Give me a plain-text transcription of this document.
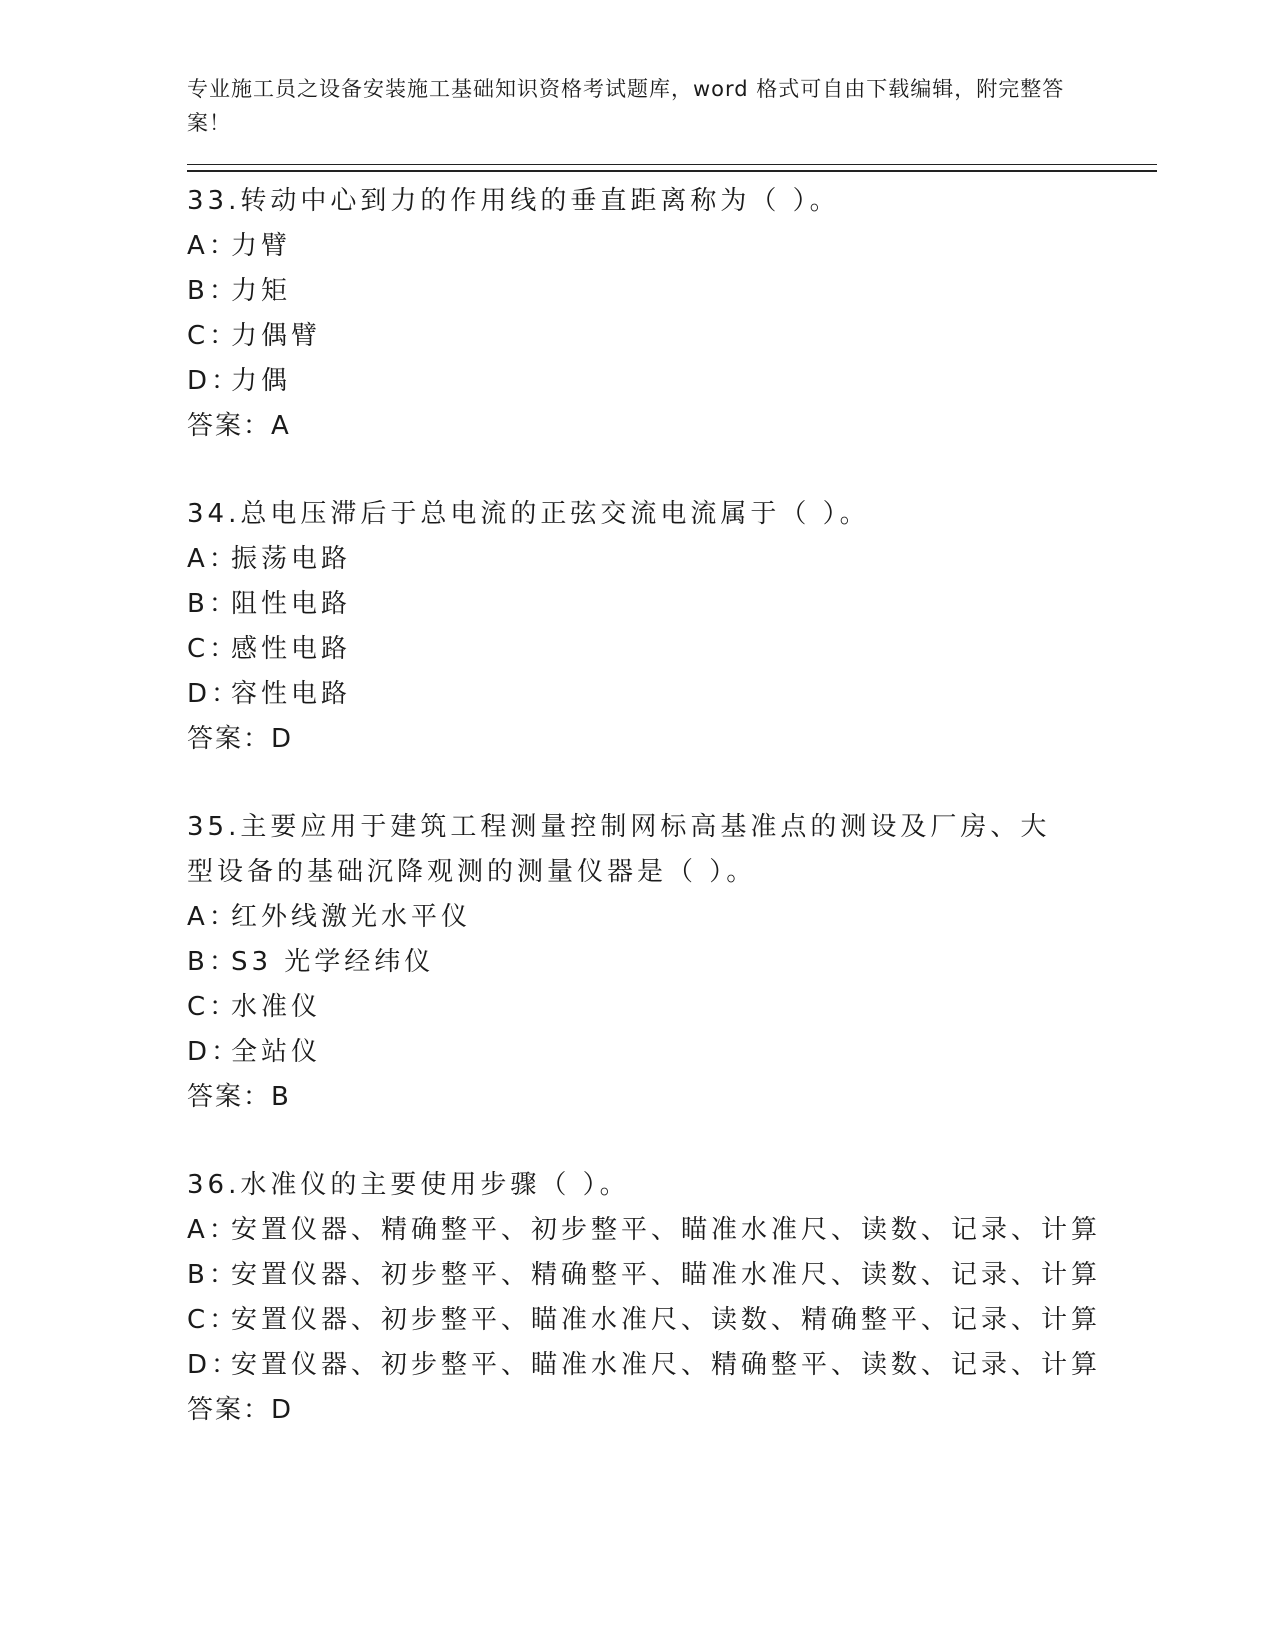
专业施工员之设备安装施工基础知识资格考试题库，word 格式可自由下载编辑，附完整答案！

33.转动中心到力的作用线的垂直距离称为（ ）。

A：力臂

B：力矩

C：力偶臂

D：力偶

答案：A

34.总电压滞后于总电流的正弦交流电流属于（ ）。

A：振荡电路

B：阻性电路

C：感性电路

D：容性电路

答案：D

35.主要应用于建筑工程测量控制网标高基准点的测设及厂房、大型设备的基础沉降观测的测量仪器是（ ）。

A：红外线激光水平仪

B：S3 光学经纬仪

C：水准仪

D：全站仪

答案：B

36.水准仪的主要使用步骤（ ）。

A：安置仪器、精确整平、初步整平、瞄准水准尺、读数、记录、计算

B：安置仪器、初步整平、精确整平、瞄准水准尺、读数、记录、计算

C：安置仪器、初步整平、瞄准水准尺、读数、精确整平、记录、计算

D：安置仪器、初步整平、瞄准水准尺、精确整平、读数、记录、计算

答案：D
